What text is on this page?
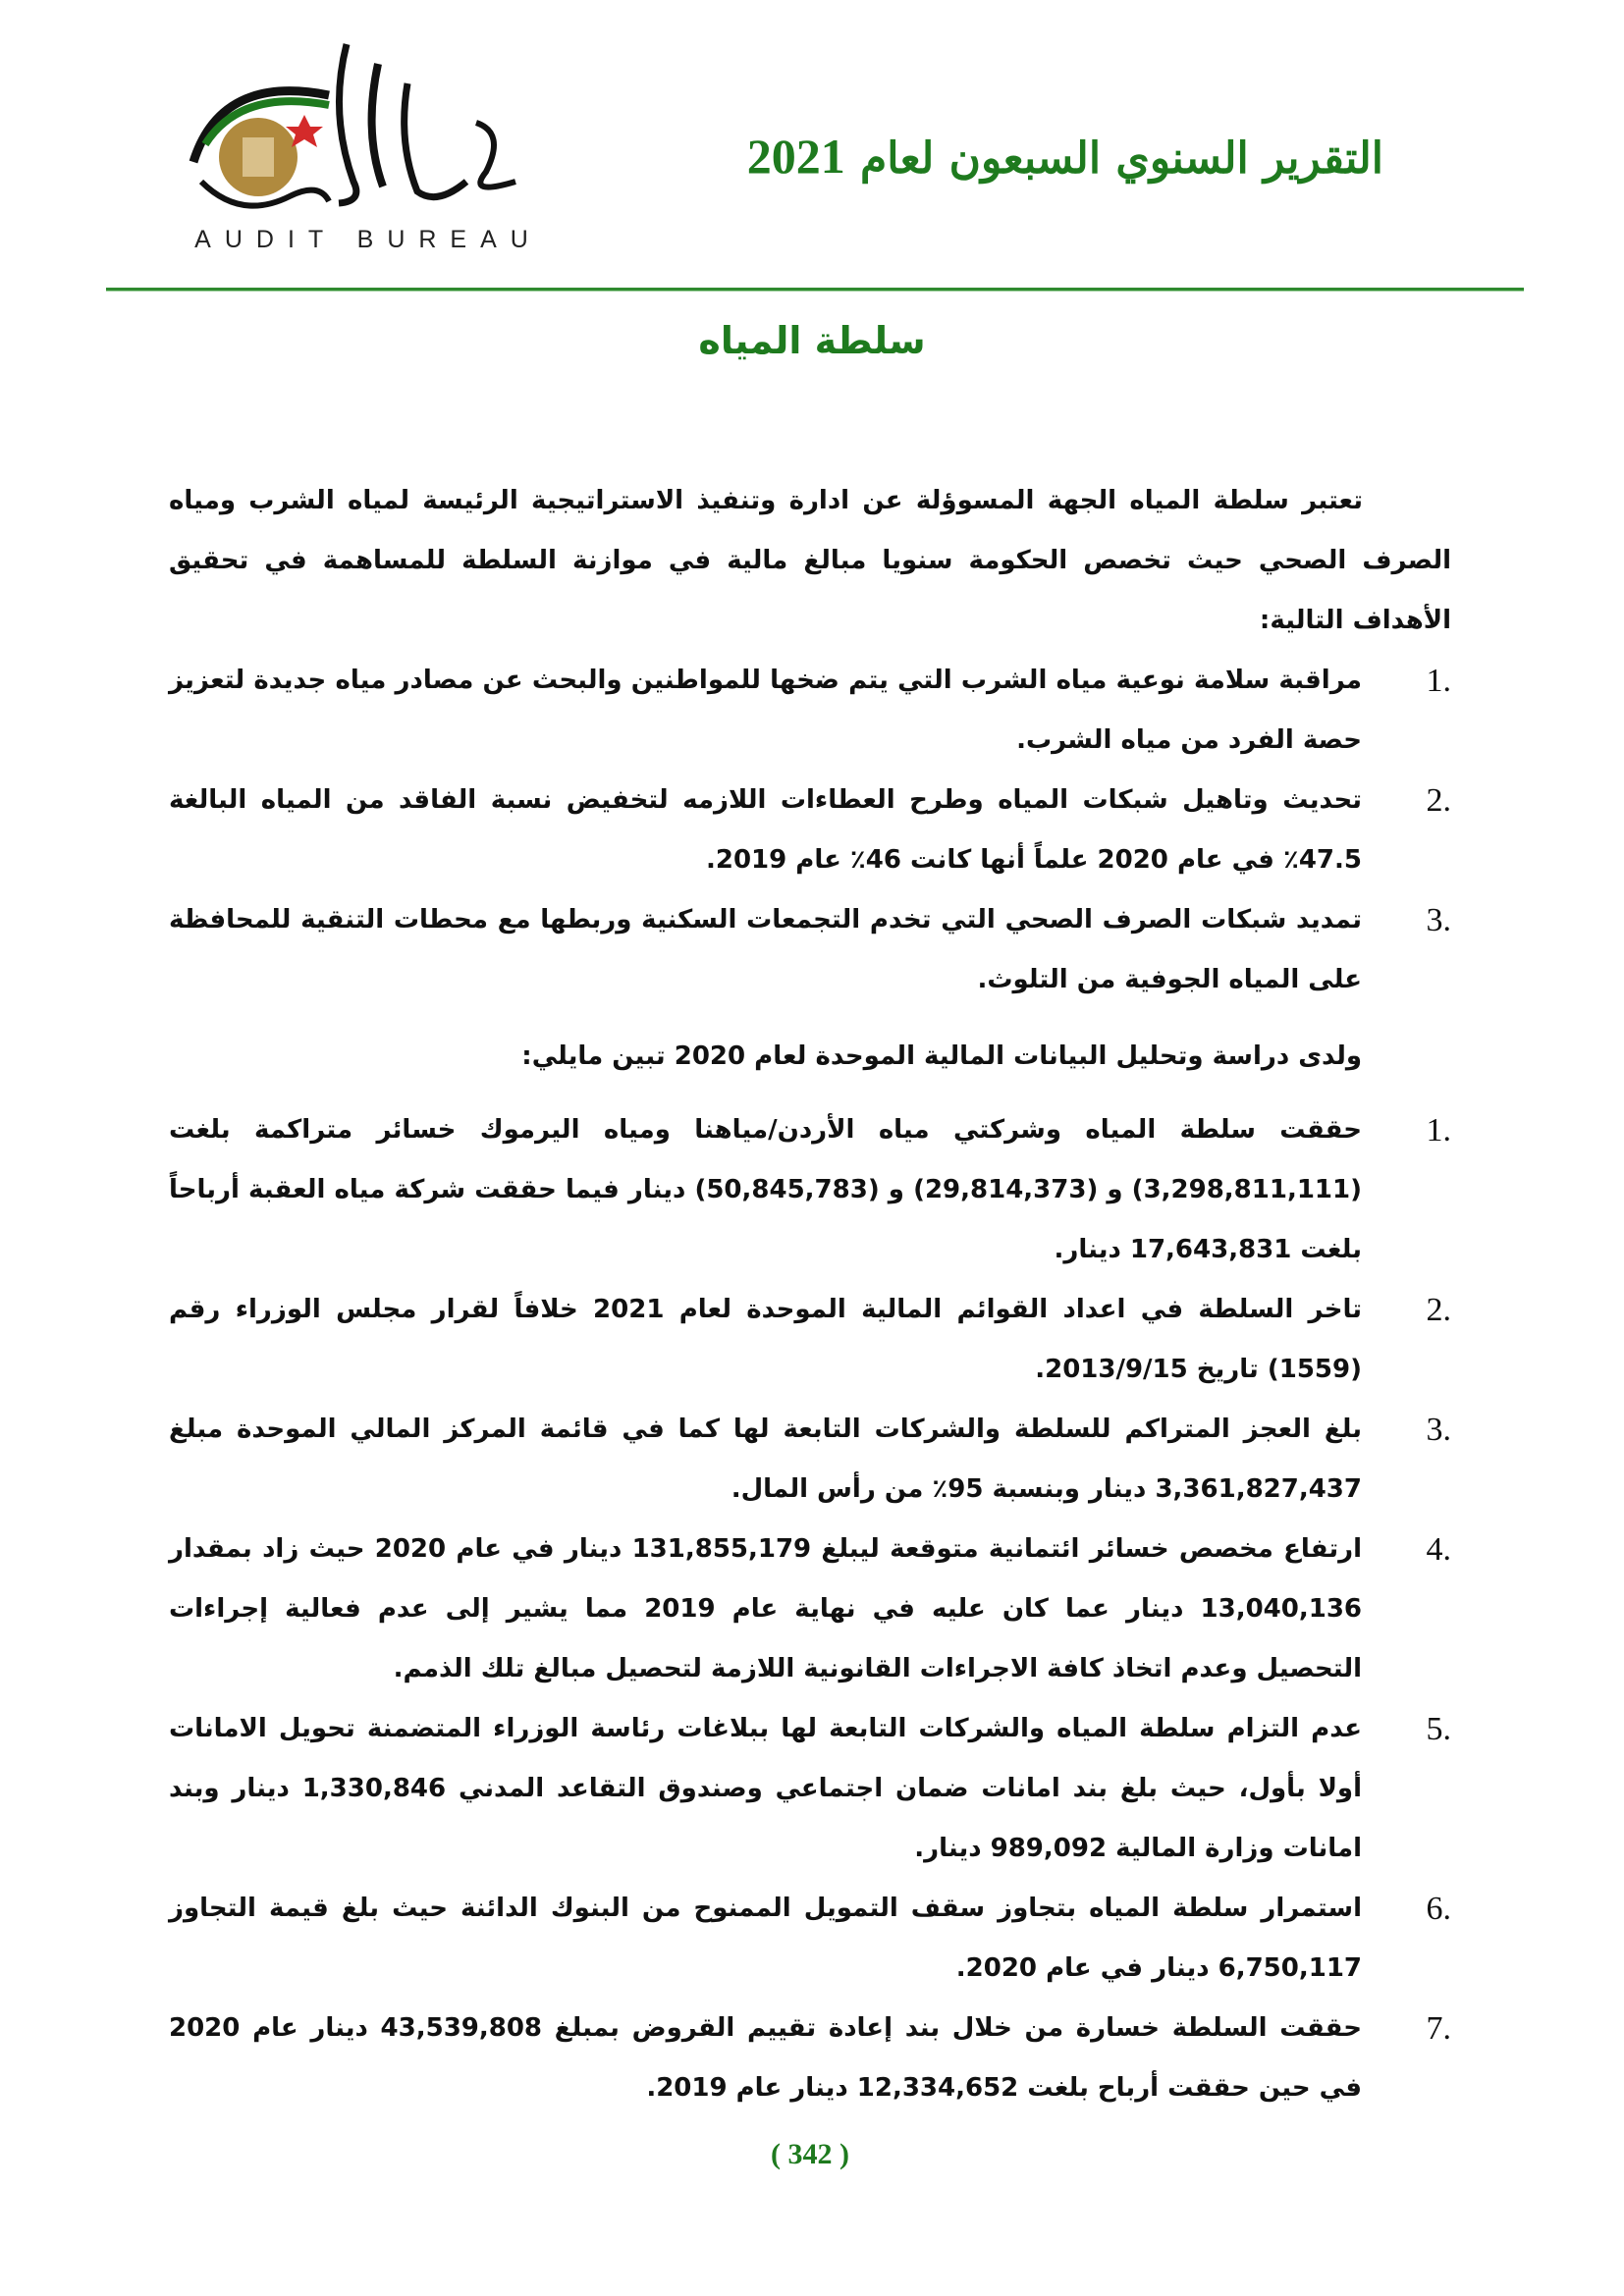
AUDIT BUREAU
التقرير السنوي السبعون لعام 2021
سلطة المياه
تعتبر سلطة المياه الجهة المسوؤلة عن ادارة وتنفيذ الاستراتيجية الرئيسة لمياه الشرب ومياه الصرف الصحي حيث تخصص الحكومة سنويا مبالغ مالية في موازنة السلطة للمساهمة في تحقيق الأهداف التالية:
1.
مراقبة سلامة نوعية مياه الشرب التي يتم ضخها للمواطنين والبحث عن مصادر مياه جديدة لتعزيز حصة الفرد من مياه الشرب.
2.
تحديث وتاهيل شبكات المياه وطرح العطاءات اللازمه لتخفيض نسبة الفاقد من المياه البالغة 47.5٪ في عام 2020 علماً أنها كانت 46٪ عام 2019.
3.
تمديد شبكات الصرف الصحي التي تخدم التجمعات السكنية وربطها مع محطات التنقية للمحافظة على المياه الجوفية من التلوث.
ولدى دراسة وتحليل البيانات المالية الموحدة لعام 2020 تبين مايلي:
1.
حققت سلطة المياه وشركتي مياه الأردن/مياهنا ومياه اليرموك خسائر متراكمة بلغت (3,298,811,111) و (29,814,373) و (50,845,783) دينار فيما حققت شركة مياه العقبة أرباحاً بلغت 17,643,831 دينار.
2.
تاخر السلطة في اعداد القوائم المالية الموحدة لعام 2021 خلافاً لقرار مجلس الوزراء رقم (1559) تاريخ 2013/9/15.
3.
بلغ العجز المتراكم للسلطة والشركات التابعة لها كما في قائمة المركز المالي الموحدة مبلغ 3,361,827,437 دينار وبنسبة 95٪ من رأس المال.
4.
ارتفاع مخصص خسائر ائتمانية متوقعة ليبلغ 131,855,179 دينار في عام 2020 حيث زاد بمقدار 13,040,136 دينار عما كان عليه في نهاية عام 2019 مما يشير إلى عدم فعالية إجراءات التحصيل وعدم اتخاذ كافة الاجراءات القانونية اللازمة لتحصيل مبالغ تلك الذمم.
5.
عدم التزام سلطة المياه والشركات التابعة لها ببلاغات رئاسة الوزراء المتضمنة تحويل الامانات أولا بأول، حيث بلغ بند امانات ضمان اجتماعي وصندوق التقاعد المدني 1,330,846 دينار وبند امانات وزارة المالية 989,092 دينار.
6.
استمرار سلطة المياه بتجاوز سقف التمويل الممنوح من البنوك الدائنة حيث بلغ قيمة التجاوز 6,750,117 دينار في عام 2020.
7.
حققت السلطة خسارة من خلال بند إعادة تقييم القروض بمبلغ 43,539,808 دينار عام 2020 في حين حققت أرباح بلغت 12,334,652 دينار عام 2019.
( 342 )
